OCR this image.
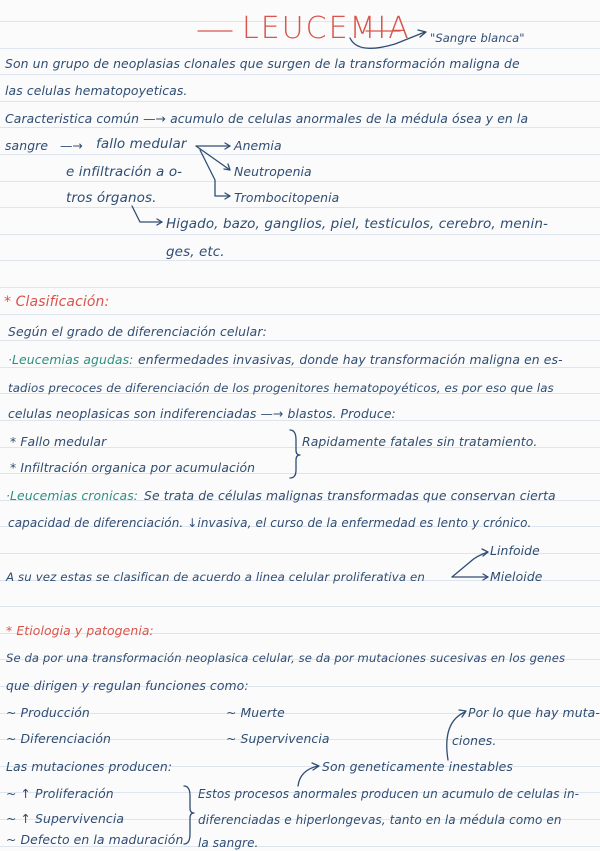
LEUCEMIA "Sangre blanca"
Son un grupo de neoplasias clonales que surgen de la transformación maligna de
las celulas hematopoyeticas.
Caracteristica común —→ acumulo de celulas anormales de la médula ósea y en la
sangre —→ fallo medular	Anemia
Neutropenia
Trombocitopenia
e infiltración a o-
tros órganos.
Higado, bazo, ganglios, piel, testiculos, cerebro, menin-
ges, etc.
* Clasificación:
Según el grado de diferenciación celular:
·Leucemias agudas: enfermedades invasivas, donde hay transformación maligna en es-
tadios precoces de diferenciación de los progenitores hematopoyéticos, es por eso que las
celulas neoplasicas son indiferenciadas —→ blastos. Produce:
* Fallo medular
* Infiltración organica por acumulación
Rapidamente fatales sin tratamiento.
·Leucemias cronicas: Se trata de células malignas transformadas que conservan cierta
capacidad de diferenciación. ↓invasiva, el curso de la enfermedad es lento y crónico.
A su vez estas se clasifican de acuerdo a linea celular proliferativa en
Linfoide
Mieloide
* Etiologia y patogenia:
Se da por una transformación neoplasica celular, se da por mutaciones sucesivas en los genes
que dirigen y regulan funciones como:
~ Producción
~ Diferenciación
~ Muerte
~ Supervivencia
Por lo que hay muta-
ciones.
Las mutaciones producen:	Son geneticamente inestables
~ ↑ Proliferación
~ ↑ Supervivencia
~ Defecto en la maduración
Estos procesos anormales producen un acumulo de celulas in-
diferenciadas e hiperlongevas, tanto en la médula como en
la sangre.
